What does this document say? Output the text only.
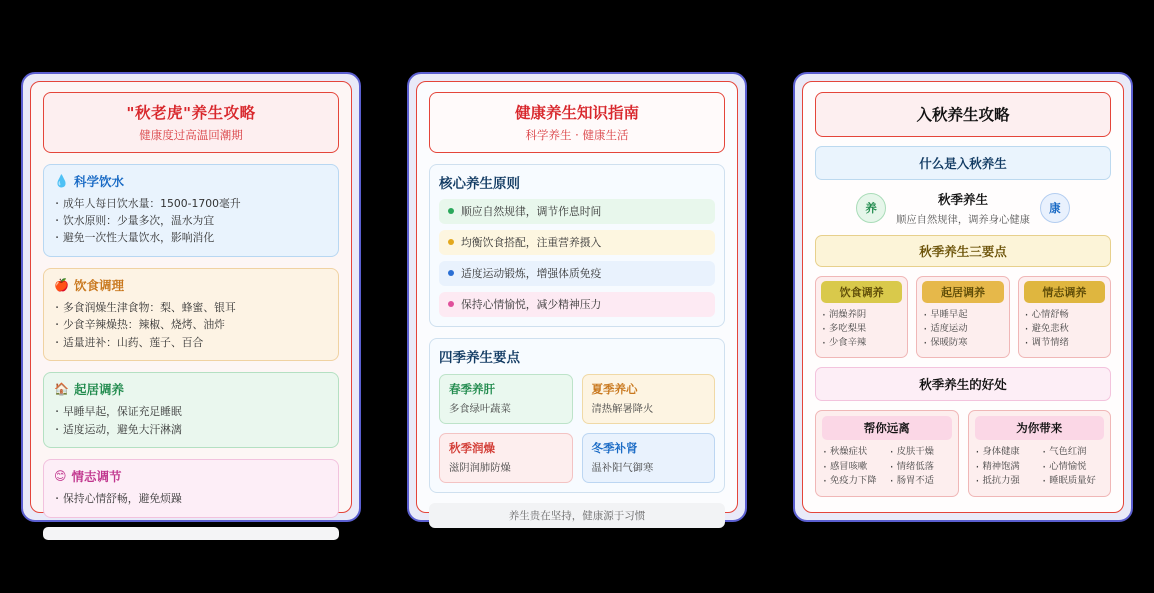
"秋老虎"养生攻略
健康度过高温回潮期
💧 科学饮水
· 成年人每日饮水量：1500-1700毫升
· 饮水原则：少量多次，温水为宜
· 避免一次性大量饮水，影响消化
🍎 饮食调理
· 多食润燥生津食物：梨、蜂蜜、银耳
· 少食辛辣燥热：辣椒、烧烤、油炸
· 适量进补：山药、莲子、百合
🏠 起居调养
· 早睡早起，保证充足睡眠
· 适度运动，避免大汗淋漓
😊 情志调节
· 保持心情舒畅，避免烦躁
健康养生知识指南
科学养生 · 健康生活
核心养生原则
顺应自然规律，调节作息时间
均衡饮食搭配，注重营养摄入
适度运动锻炼，增强体质免疫
保持心情愉悦，减少精神压力
四季养生要点
春季养肝
多食绿叶蔬菜
夏季养心
清热解暑降火
秋季润燥
滋阴润肺防燥
冬季补肾
温补阳气御寒
养生贵在坚持，健康源于习惯
入秋养生攻略
什么是入秋养生
养
秋季养生
顺应自然规律，调养身心健康
康
秋季养生三要点
饮食调养
· 润燥养阴
· 多吃梨果
· 少食辛辣
起居调养
· 早睡早起
· 适度运动
· 保暖防寒
情志调养
· 心情舒畅
· 避免悲秋
· 调节情绪
秋季养生的好处
帮你远离
· 秋燥症状
· 感冒咳嗽
· 免疫力下降
· 皮肤干燥
· 情绪低落
· 肠胃不适
为你带来
· 身体健康
· 精神饱满
· 抵抗力强
· 气色红润
· 心情愉悦
· 睡眠质量好
